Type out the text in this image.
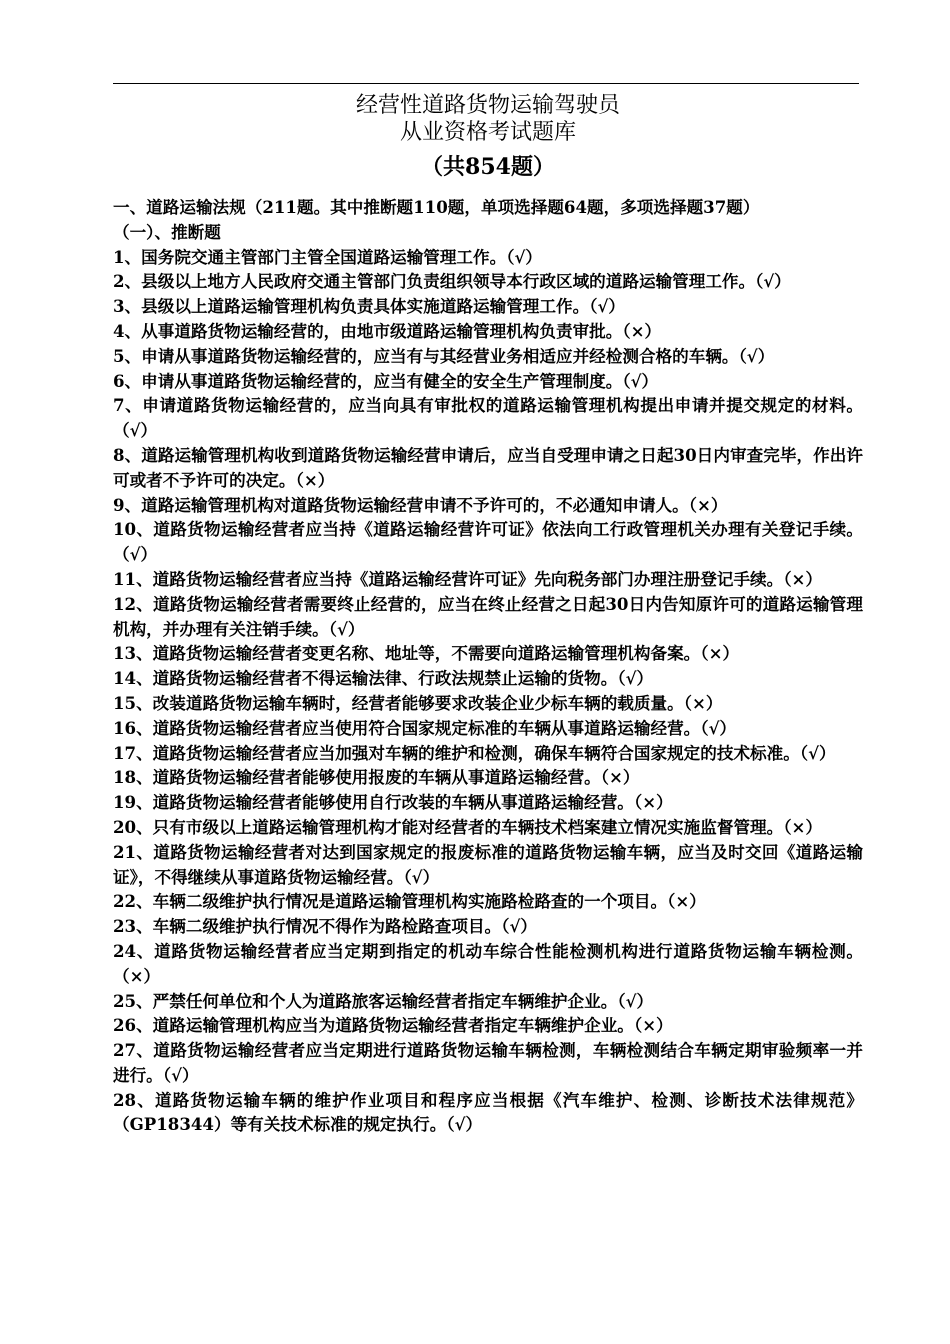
经营性道路货物运输驾驶员
从业资格考试题库
（共854题）

一、道路运输法规（211题。其中推断题110题，单项选择题64题，多项选择题37题）

（一）、推断题

1、国务院交通主管部门主管全国道路运输管理工作。（√）

2、县级以上地方人民政府交通主管部门负责组织领导本行政区域的道路运输管理工作。（√）

3、县级以上道路运输管理机构负责具体实施道路运输管理工作。（√）

4、从事道路货物运输经营的，由地市级道路运输管理机构负责审批。（×）

5、申请从事道路货物运输经营的，应当有与其经营业务相适应并经检测合格的车辆。（√）

6、申请从事道路货物运输经营的，应当有健全的安全生产管理制度。（√）

7、申请道路货物运输经营的，应当向具有审批权的道路运输管理机构提出申请并提交规定的材料。（√）

8、道路运输管理机构收到道路货物运输经营申请后，应当自受理申请之日起30日内审查完毕，作出许可或者不予许可的决定。（×）

9、道路运输管理机构对道路货物运输经营申请不予许可的，不必通知申请人。（×）

10、道路货物运输经营者应当持《道路运输经营许可证》依法向工行政管理机关办理有关登记手续。（√）

11、道路货物运输经营者应当持《道路运输经营许可证》先向税务部门办理注册登记手续。（×）

12、道路货物运输经营者需要终止经营的，应当在终止经营之日起30日内告知原许可的道路运输管理机构，并办理有关注销手续。（√）

13、道路货物运输经营者变更名称、地址等，不需要向道路运输管理机构备案。（×）

14、道路货物运输经营者不得运输法律、行政法规禁止运输的货物。（√）

15、改装道路货物运输车辆时，经营者能够要求改装企业少标车辆的载质量。（×）

16、道路货物运输经营者应当使用符合国家规定标准的车辆从事道路运输经营。（√）

17、道路货物运输经营者应当加强对车辆的维护和检测，确保车辆符合国家规定的技术标准。（√）

18、道路货物运输经营者能够使用报废的车辆从事道路运输经营。（×）

19、道路货物运输经营者能够使用自行改装的车辆从事道路运输经营。（×）

20、只有市级以上道路运输管理机构才能对经营者的车辆技术档案建立情况实施监督管理。（×）

21、道路货物运输经营者对达到国家规定的报废标准的道路货物运输车辆，应当及时交回《道路运输证》，不得继续从事道路货物运输经营。（√）

22、车辆二级维护执行情况是道路运输管理机构实施路检路查的一个项目。（×）

23、车辆二级维护执行情况不得作为路检路查项目。（√）

24、道路货物运输经营者应当定期到指定的机动车综合性能检测机构进行道路货物运输车辆检测。（×）

25、严禁任何单位和个人为道路旅客运输经营者指定车辆维护企业。（√）

26、道路运输管理机构应当为道路货物运输经营者指定车辆维护企业。（×）

27、道路货物运输经营者应当定期进行道路货物运输车辆检测，车辆检测结合车辆定期审验频率一并进行。（√）

28、道路货物运输车辆的维护作业项目和程序应当根据《汽车维护、检测、诊断技术法律规范》（GP18344）等有关技术标准的规定执行。（√）
